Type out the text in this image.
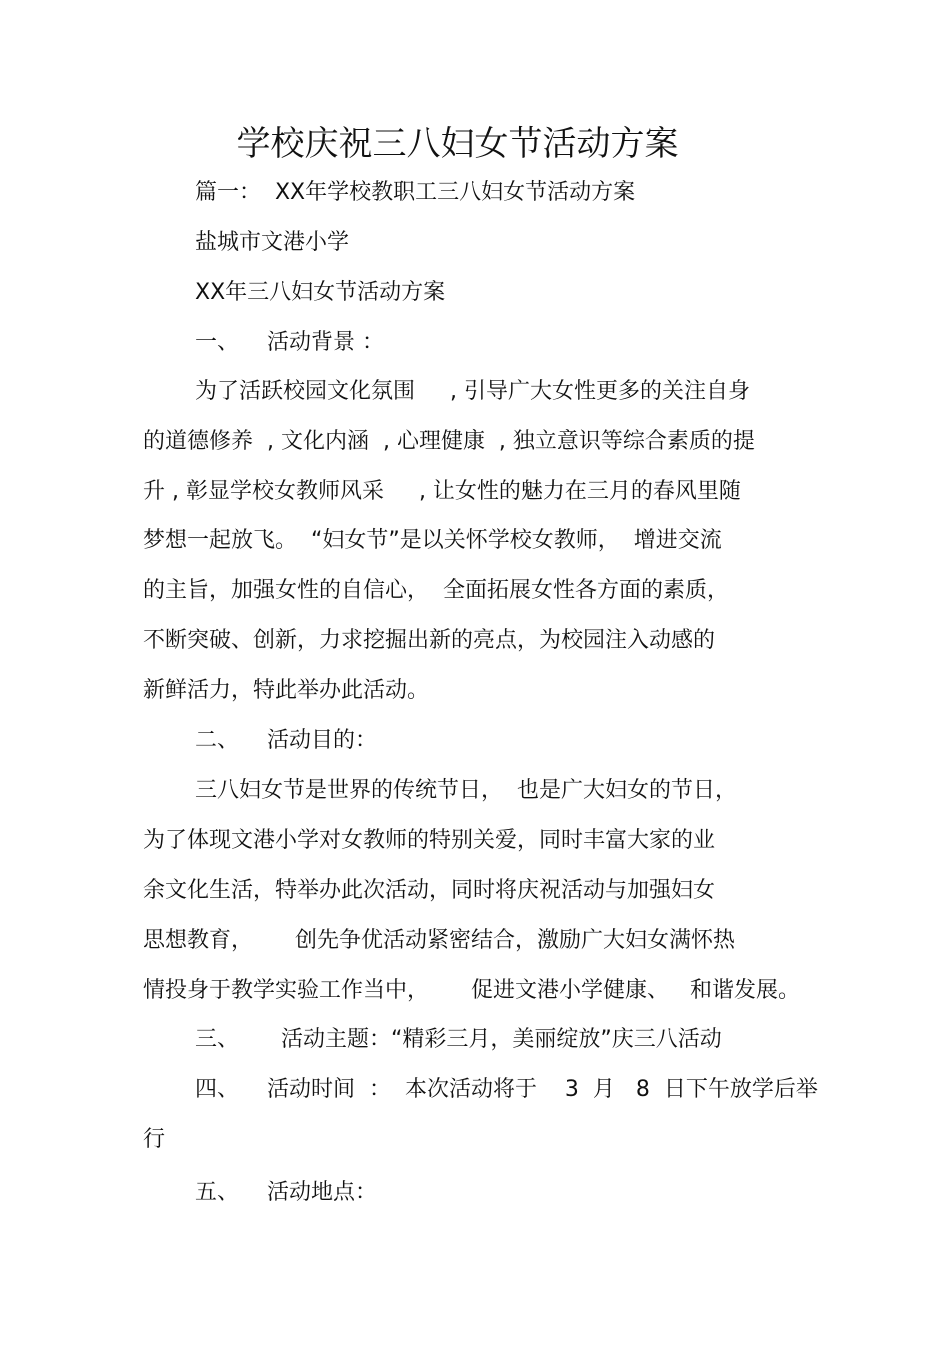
学校庆祝三八妇女节活动方案

篇一：  XX年学校教职工三八妇女节活动方案

盐城市文港小学

XX年三八妇女节活动方案

一、    活动背景 ：

为了活跃校园文化氛围     , 引导广大女性更多的关注自身

的道德修养  , 文化内涵  , 心理健康  , 独立意识等综合素质的提

升 , 彰显学校女教师风采     , 让女性的魅力在三月的春风里随

梦想一起放飞。  “妇女节”是以关怀学校女教师，  增进交流

的主旨，加强女性的自信心，  全面拓展女性各方面的素质，

不断突破、创新，力求挖掘出新的亮点，为校园注入动感的

新鲜活力，特此举办此活动。

二、    活动目的：

三八妇女节是世界的传统节日，  也是广大妇女的节日，

为了体现文港小学对女教师的特别关爱，同时丰富大家的业

余文化生活，特举办此次活动，同时将庆祝活动与加强妇女

思想教育，      创先争优活动紧密结合，激励广大妇女满怀热

情投身于教学实验工作当中，      促进文港小学健康、   和谐发展。

三、      活动主题：“精彩三月，美丽绽放”庆三八活动

四、    活动时间  ：  本次活动将于    3  月   8  日下午放学后举

行

五、    活动地点：
